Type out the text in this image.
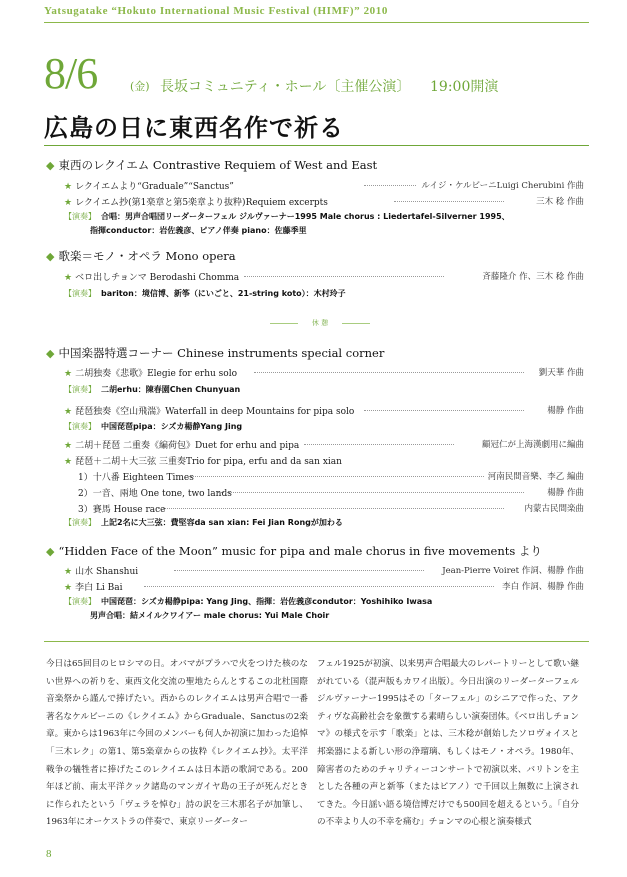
Yatsugatake “Hokuto International Music Festival (HIMF)” 2010
8/6	(金) 長坂コミュニティ・ホール〔主催公演〕 19:00開演
広島の日に東西名作で祈る
◆ 東西のレクイエム Contrastive Requiem of West and East
★ レクイエムより“Graduale”“Sanctus”	ルイジ・ケルビーニLuigi Cherubini 作曲
★ レクイエム抄(第1楽章と第5楽章より抜粋)Requiem excerpts	三木 稔 作曲
【演奏】 合唱：男声合唱団リーダーターフェル ジルヴァーナー1995 Male chorus : Liedertafel-Silverner 1995、
指揮conductor：岩佐義彦、ピアノ伴奏 piano：佐藤季里
◆ 歌楽＝モノ・オペラ Mono opera
★ ベロ出しチョンマ Berodashi Chomma	斉藤隆介 作、三木 稔 作曲
【演奏】 bariton：境信博、新筝（にいごと、21-string koto）：木村玲子
休 憩
◆ 中国楽器特選コーナー Chinese instruments special corner
★ 二胡独奏《悲歌》Elegie for erhu solo	劉天華 作曲
【演奏】 二胡erhu：陳春園Chen Chunyuan
★ 琵琶独奏《空山飛湍》Waterfall in deep Mountains for pipa solo	楊静 作曲
【演奏】 中国琵琶pipa：シズカ楊静Yang Jing
★ 二胡＋琵琶 二重奏《編荷包》Duet for erhu and pipa	顧冠仁が上海漢劇用に編曲
★ 琵琶＋二胡＋大三弦 三重奏Trio for pipa, erfu and da san xian
1）十八番 Eighteen Times	河南民間音樂、李乙 編曲
2）一音、兩地 One tone, two lands	楊静 作曲
3）賽馬 House race	内蒙古民間楽曲
【演奏】 上記2名に大三弦：費堅容da san xian: Fei Jian Rongが加わる
◆ “Hidden Face of the Moon” music for pipa and male chorus in five movements より
★ 山水 Shanshui	Jean-Pierre Voiret 作詞、楊静 作曲
★ 李白 Li Bai	李白 作詞、楊静 作曲
【演奏】 中国琵琶：シズカ楊静pipa: Yang Jing、指揮：岩佐義彦condutor：Yoshihiko Iwasa
男声合唱：結メイルクワイアー male chorus: Yui Male Choir

今日は65回目のヒロシマの日。オバマがプラハで火をつけた核のない世界への祈りを、東西文化交流の聖地たらんとするこの北杜国際音楽祭から謹んで捧げたい。西からのレクイエムは男声合唱で一番著名なケルビーニの《レクイエム》からGraduale、Sanctusの2楽章。東からは1963年に今回のメンバーも何人か初演に加わった追悼「三木レク」の第1、第5楽章からの抜粋《レクイエム抄》。太平洋戦争の犠牲者に捧げたこのレクイエムは日本語の歌詞である。200年ほど前、南太平洋クック諸島のマンガイヤ島の王子が死んだときに作られたという「ヴェラを悼む」詩の訳を三木那名子が加筆し、1963年にオーケストラの伴奏で、東京リーダーター

フェル1925が初演、以来男声合唱最大のレパートリーとして歌い継がれている（混声版もカワイ出版）。今日出演のリーダーターフェル ジルヴァーナー1995はその「ターフェル」のシニアで作った、アクティヴな高齢社会を象徴する素晴らしい演奏団体。《ベロ出しチョンマ》の様式を示す「歌楽」とは、三木稔が創始したソロヴォイスと邦楽器による新しい形の浄瑠璃、もしくはモノ・オペラ。1980年、障害者のためのチャリティーコンサートで初演以来、バリトンを主とした各種の声と新筝（またはピアノ）で千回以上無数に上演されてきた。今日謡い語る境信博だけでも500回を超えるという。「自分の不幸より人の不幸を痛む」チョンマの心根と演奏様式

8
